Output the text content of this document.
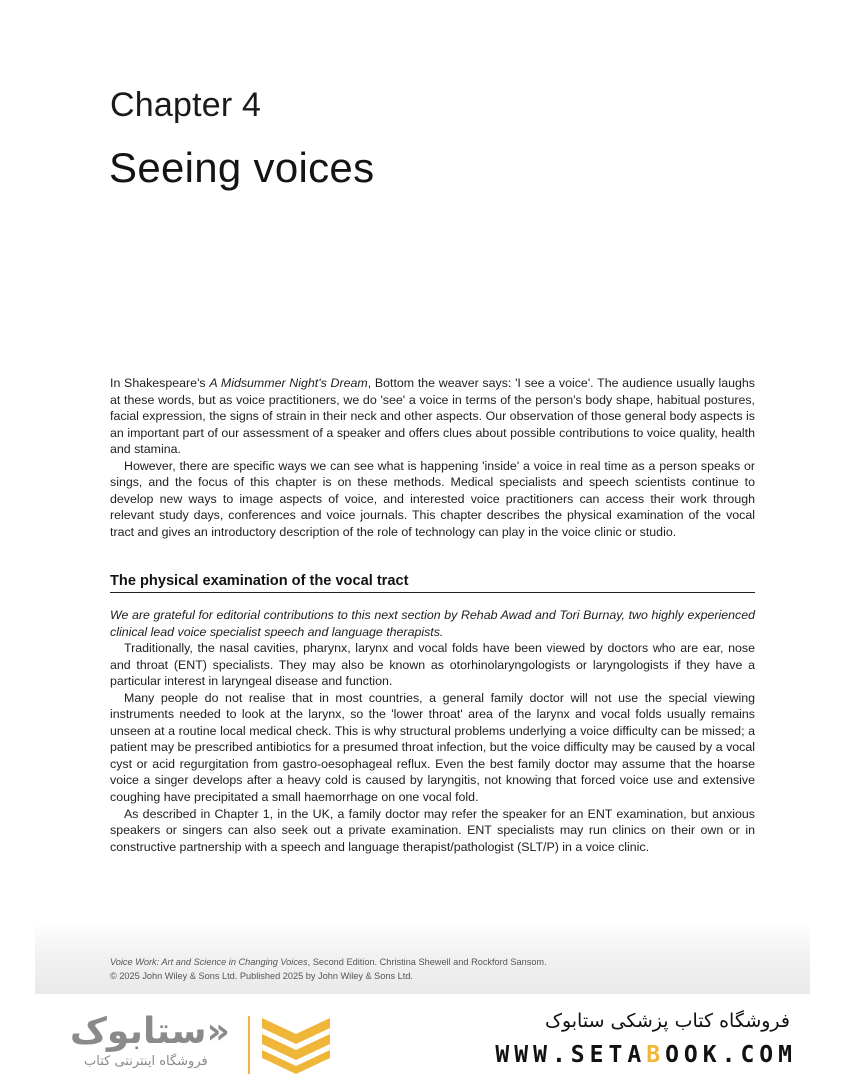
Chapter 4
Seeing voices

In Shakespeare's A Midsummer Night's Dream, Bottom the weaver says: 'I see a voice'. The audience usually laughs at these words, but as voice practitioners, we do 'see' a voice in terms of the person's body shape, habitual postures, facial expression, the signs of strain in their neck and other aspects. Our observation of those general body aspects is an important part of our assessment of a speaker and offers clues about possible contributions to voice quality, health and stamina.

However, there are specific ways we can see what is happening 'inside' a voice in real time as a person speaks or sings, and the focus of this chapter is on these methods. Medical specialists and speech scientists continue to develop new ways to image aspects of voice, and interested voice practitioners can access their work through relevant study days, conferences and voice journals. This chapter describes the physical examination of the vocal tract and gives an introductory description of the role of technology can play in the voice clinic or studio.

The physical examination of the vocal tract

We are grateful for editorial contributions to this next section by Rehab Awad and Tori Burnay, two highly experienced clinical lead voice specialist speech and language therapists.

Traditionally, the nasal cavities, pharynx, larynx and vocal folds have been viewed by doctors who are ear, nose and throat (ENT) specialists. They may also be known as otorhinolaryngologists or laryngologists if they have a particular interest in laryngeal disease and function.

Many people do not realise that in most countries, a general family doctor will not use the special viewing instruments needed to look at the larynx, so the 'lower throat' area of the larynx and vocal folds usually remains unseen at a routine local medical check. This is why structural problems underlying a voice difficulty can be missed; a patient may be prescribed antibiotics for a presumed throat infection, but the voice difficulty may be caused by a vocal cyst or acid regurgitation from gastro-oesophageal reflux. Even the best family doctor may assume that the hoarse voice a singer develops after a heavy cold is caused by laryngitis, not knowing that forced voice use and extensive coughing have precipitated a small haemorrhage on one vocal fold.

As described in Chapter 1, in the UK, a family doctor may refer the speaker for an ENT examination, but anxious speakers or singers can also seek out a private examination. ENT specialists may run clinics on their own or in constructive partnership with a speech and language therapist/pathologist (SLT/P) in a voice clinic.

Voice Work: Art and Science in Changing Voices, Second Edition. Christina Shewell and Rockford Sansom.
© 2025 John Wiley & Sons Ltd. Published 2025 by John Wiley & Sons Ltd.
«ستابوک
فروشگاه اینترنتی کتاب
فروشگاه کتاب پزشکی ستابوک
WWW.SETABOOK.COM
